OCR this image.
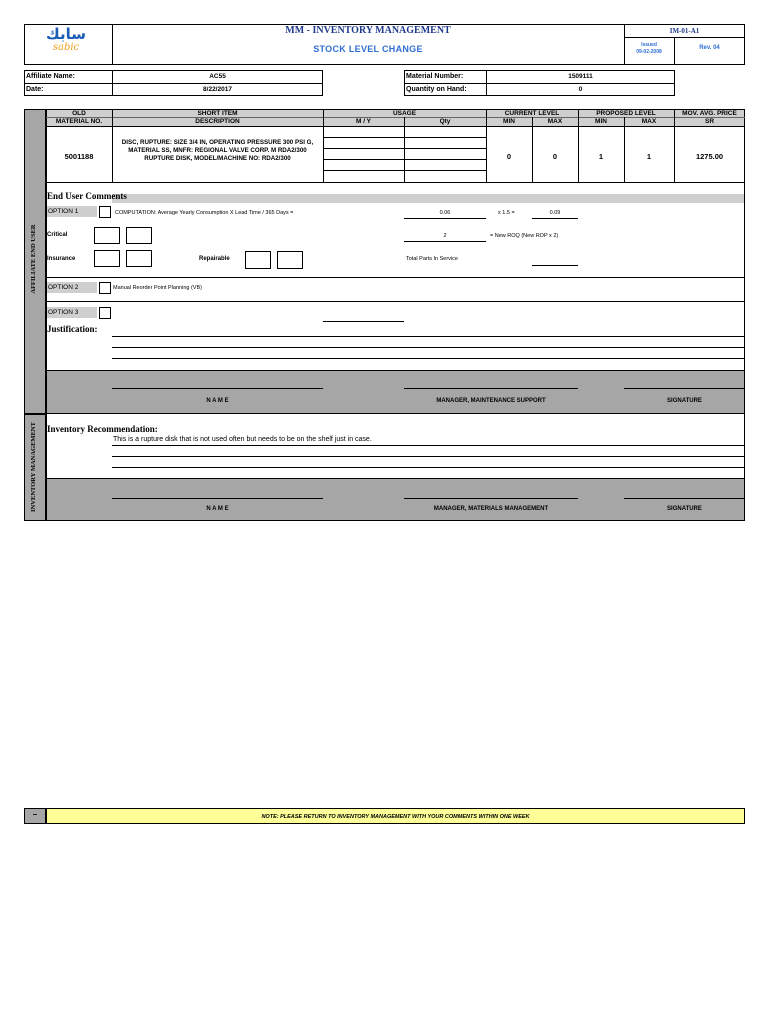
سابك
sabic
MM - INVENTORY MANAGEMENT
STOCK LEVEL CHANGE
IM-01-A1
Issued
09-02-2008
Rev. 04
Affiliate Name:	AC55
Date:	8/22/2017
Material Number:	1509111
Quantity on Hand:	0
AFFILIATE END USER
INVENTORY MANAGEMENT
OLD
MATERIAL NO.
SHORT ITEM
DESCRIPTION
USAGE
M / Y	Qty
CURRENT LEVEL
MIN	MAX
PROPOSED LEVEL
MIN	MAX
MOV. AVG. PRICE
SR
5001188
DISC, RUPTURE: SIZE 3/4 IN, OPERATING PRESSURE 300 PSI G, MATERIAL SS, MNFR: REGIONAL VALVE CORP. M RDA2/300 RUPTURE DISK, MODEL/MACHINE NO: RDA2/300	0	0	1	1	1275.00
End User Comments
OPTION 1	COMPUTATION: Average Yearly Consumption X Lead Time / 365 Days =	0.06	x 1.5 =	0.09
Critical	2	= New ROQ (New ROP x 2)
Insurance	Repairable	Total Parts In Service
OPTION 2	Manual Reorder Point Planning (VB)
OPTION 3
Justification:
N A M E	MANAGER, MAINTENANCE SUPPORT	SIGNATURE
Inventory Recommendation:
This is a rupture disk that is not used often but needs to be on the shelf just in case.
N A M E	MANAGER, MATERIALS MANAGEMENT	SIGNATURE
–	NOTE: PLEASE RETURN TO INVENTORY MANAGEMENT WITH YOUR COMMENTS WITHIN ONE WEEK
